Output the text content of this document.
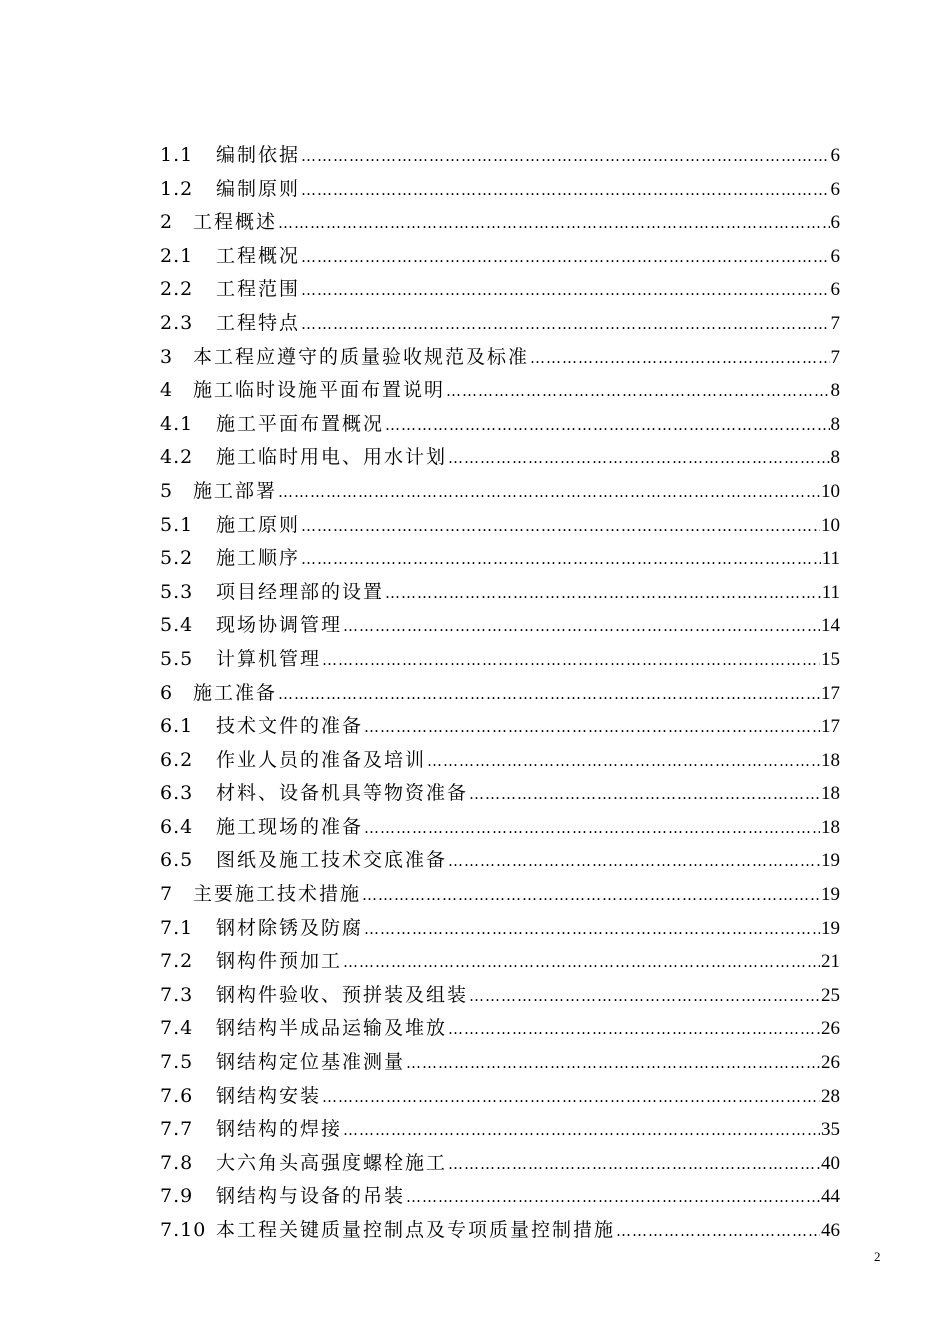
1.1	编制依据 …………………………………………………………………………………………………………………………………………………………………………	6
1.2	编制原则 …………………………………………………………………………………………………………………………………………………………………………	6
2	工程概述 …………………………………………………………………………………………………………………………………………………………………………	6
2.1	工程概况 …………………………………………………………………………………………………………………………………………………………………………	6
2.2	工程范围 …………………………………………………………………………………………………………………………………………………………………………	6
2.3	工程特点 …………………………………………………………………………………………………………………………………………………………………………	7
3	本工程应遵守的质量验收规范及标准 …………………………………………………………………………………………………………………………………………………………………………	7
4	施工临时设施平面布置说明 …………………………………………………………………………………………………………………………………………………………………………	8
4.1	施工平面布置概况 …………………………………………………………………………………………………………………………………………………………………………	8
4.2	施工临时用电、用水计划 …………………………………………………………………………………………………………………………………………………………………………	8
5	施工部署 …………………………………………………………………………………………………………………………………………………………………………	10
5.1	施工原则 …………………………………………………………………………………………………………………………………………………………………………	10
5.2	施工顺序 …………………………………………………………………………………………………………………………………………………………………………	11
5.3	项目经理部的设置 …………………………………………………………………………………………………………………………………………………………………………	11
5.4	现场协调管理 …………………………………………………………………………………………………………………………………………………………………………	14
5.5	计算机管理 …………………………………………………………………………………………………………………………………………………………………………	15
6	施工准备 …………………………………………………………………………………………………………………………………………………………………………	17
6.1	技术文件的准备 …………………………………………………………………………………………………………………………………………………………………………	17
6.2	作业人员的准备及培训 …………………………………………………………………………………………………………………………………………………………………………	18
6.3	材料、设备机具等物资准备 …………………………………………………………………………………………………………………………………………………………………………	18
6.4	施工现场的准备 …………………………………………………………………………………………………………………………………………………………………………	18
6.5	图纸及施工技术交底准备 …………………………………………………………………………………………………………………………………………………………………………	19
7	主要施工技术措施 …………………………………………………………………………………………………………………………………………………………………………	19
7.1	钢材除锈及防腐 …………………………………………………………………………………………………………………………………………………………………………	19
7.2	钢构件预加工 …………………………………………………………………………………………………………………………………………………………………………	21
7.3	钢构件验收、预拼装及组装 …………………………………………………………………………………………………………………………………………………………………………	25
7.4	钢结构半成品运输及堆放 …………………………………………………………………………………………………………………………………………………………………………	26
7.5	钢结构定位基准测量 …………………………………………………………………………………………………………………………………………………………………………	26
7.6	钢结构安装 …………………………………………………………………………………………………………………………………………………………………………	28
7.7	钢结构的焊接 …………………………………………………………………………………………………………………………………………………………………………	35
7.8	大六角头高强度螺栓施工 …………………………………………………………………………………………………………………………………………………………………………	40
7.9	钢结构与设备的吊装 …………………………………………………………………………………………………………………………………………………………………………	44
7.10 本工程关键质量控制点及专项质量控制措施 …………………………………………………………………………………………………………………………………………………………………………	46
2
